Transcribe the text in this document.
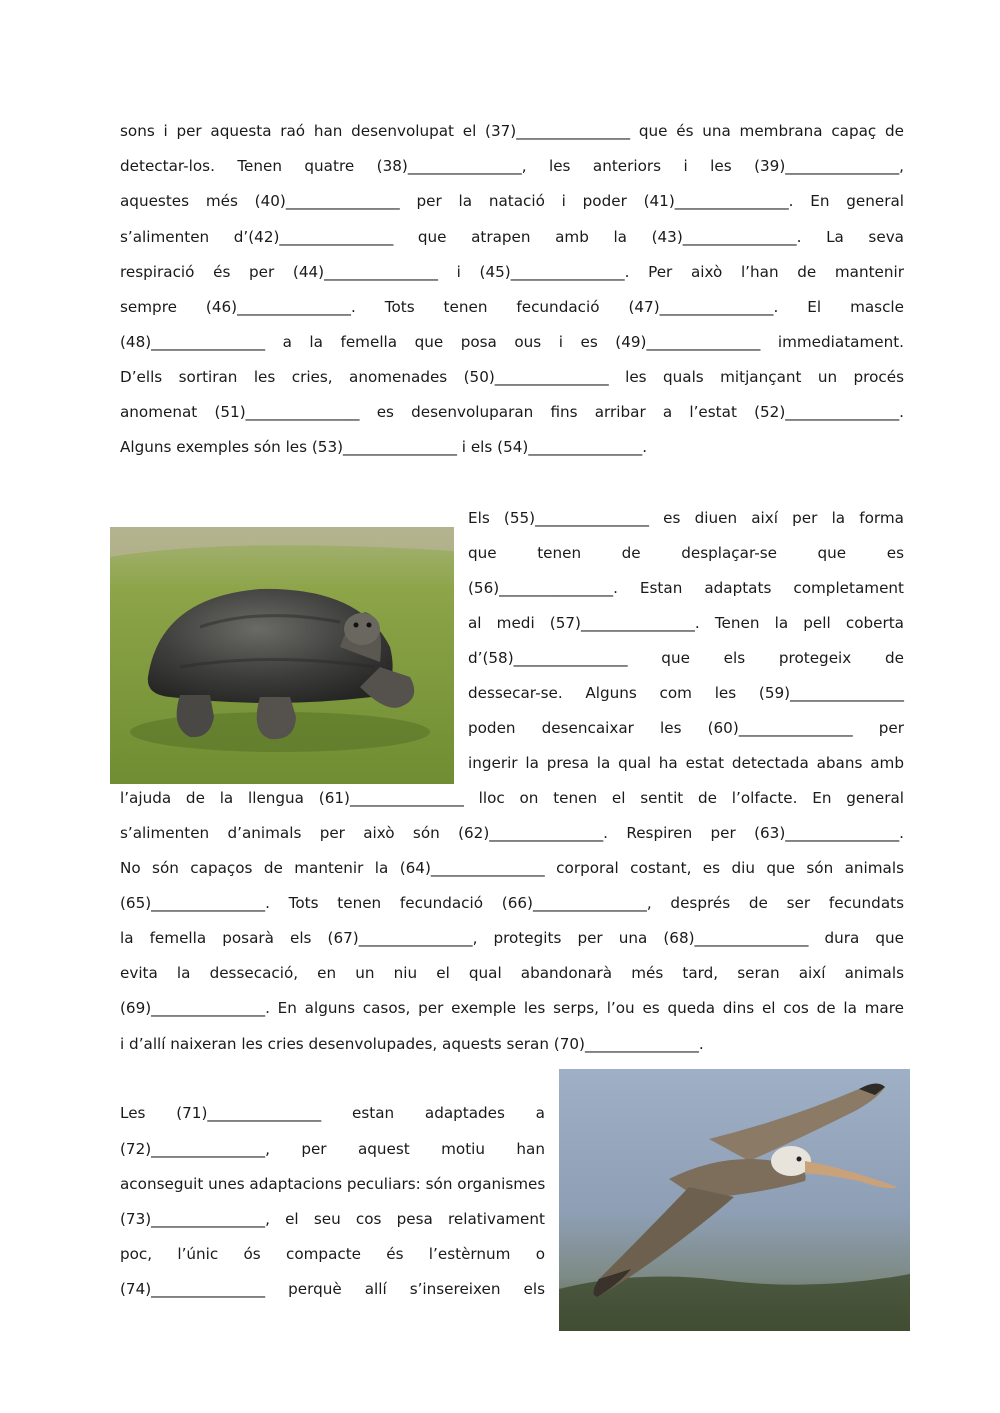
sons i per aquesta raó han desenvolupat el (37)_______________ que és una membrana capaç de
detectar-los. Tenen quatre (38)_______________, les anteriors i les (39)_______________,
aquestes més (40)_______________ per la natació i poder (41)_______________. En general
s’alimenten d’(42)_______________ que atrapen amb la (43)_______________. La seva
respiració és per (44)_______________ i (45)_______________. Per això l’han de mantenir
sempre (46)_______________. Tots tenen fecundació (47)_______________. El mascle
(48)_______________ a la femella que posa ous i es (49)_______________ immediatament.
D’ells sortiran les cries, anomenades (50)_______________ les quals mitjançant un procés
anomenat (51)_______________ es desenvoluparan fins arribar a l’estat (52)_______________.
Alguns exemples són les (53)_______________ i els (54)_______________.
Els (55)_______________ es diuen així per la forma
que tenen de desplaçar-se que es
(56)_______________. Estan adaptats completament
al medi (57)_______________. Tenen la pell coberta
d’(58)_______________ que els protegeix de
dessecar-se. Alguns com les (59)_______________
poden desencaixar les (60)_______________ per
ingerir la presa la qual ha estat detectada abans amb
l’ajuda de la llengua (61)_______________ lloc on tenen el sentit de l’olfacte. En general
s’alimenten d’animals per això són (62)_______________. Respiren per (63)_______________.
No són capaços de mantenir la (64)_______________ corporal costant, es diu que són animals
(65)_______________. Tots tenen fecundació (66)_______________, després de ser fecundats
la femella posarà els (67)_______________, protegits per una (68)_______________ dura que
evita la dessecació, en un niu el qual abandonarà més tard, seran així animals
(69)_______________. En alguns casos, per exemple les serps, l’ou es queda dins el cos de la mare
i d’allí naixeran les cries desenvolupades, aquests seran (70)_______________.
Les (71)_______________ estan adaptades a
(72)_______________, per aquest motiu han
aconseguit unes adaptacions peculiars: són organismes
(73)_______________, el seu cos pesa relativament
poc, l’únic ós compacte és l’estèrnum o
(74)_______________ perquè allí s’insereixen els
